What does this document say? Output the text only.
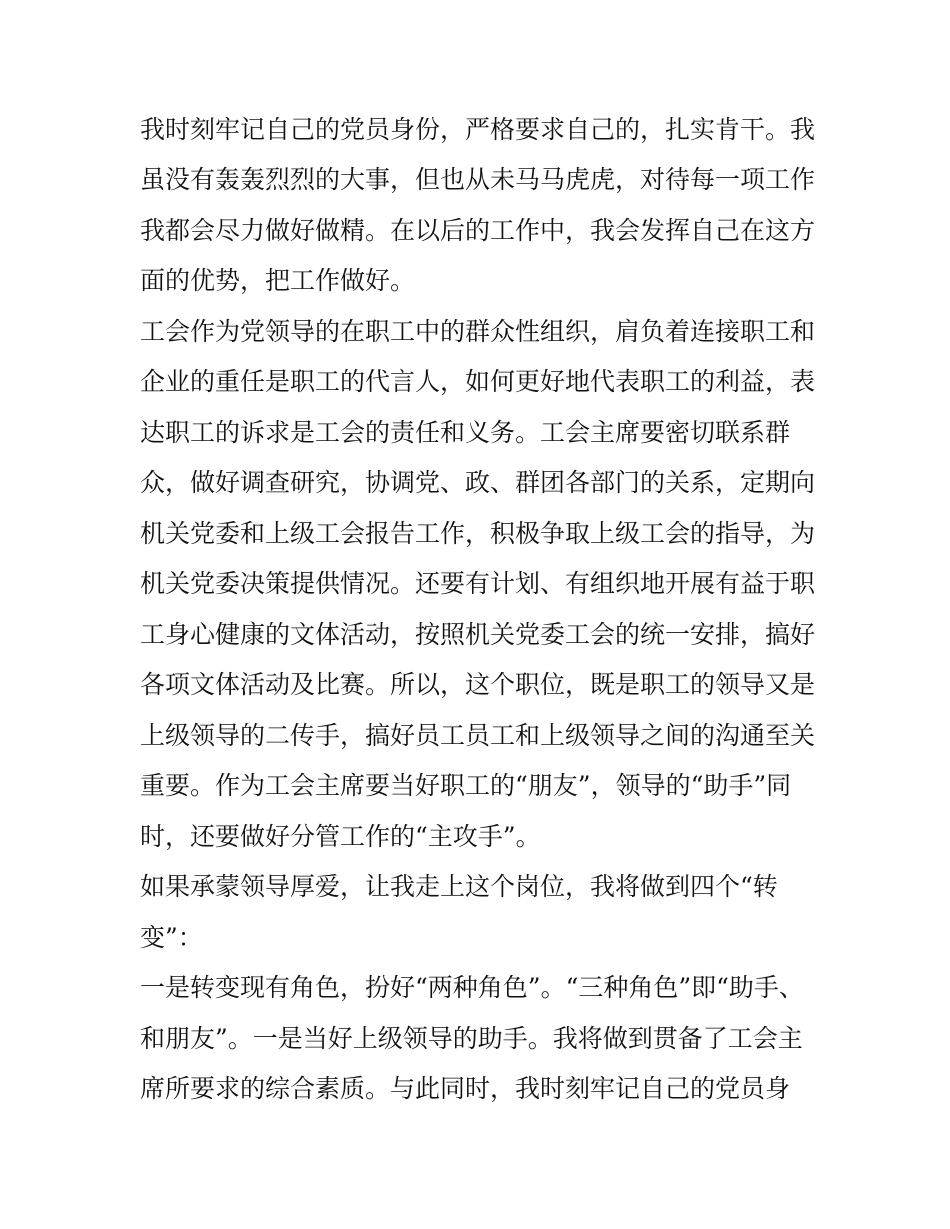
我时刻牢记自己的党员身份，严格要求自己的，扎实肯干。我
虽没有轰轰烈烈的大事，但也从未马马虎虎，对待每一项工作
我都会尽力做好做精。在以后的工作中，我会发挥自己在这方
面的优势，把工作做好。
工会作为党领导的在职工中的群众性组织，肩负着连接职工和
企业的重任是职工的代言人，如何更好地代表职工的利益，表
达职工的诉求是工会的责任和义务。工会主席要密切联系群
众，做好调查研究，协调党、政、群团各部门的关系，定期向
机关党委和上级工会报告工作，积极争取上级工会的指导，为
机关党委决策提供情况。还要有计划、有组织地开展有益于职
工身心健康的文体活动，按照机关党委工会的统一安排，搞好
各项文体活动及比赛。所以，这个职位，既是职工的领导又是
上级领导的二传手，搞好员工员工和上级领导之间的沟通至关
重要。作为工会主席要当好职工的“朋友”，领导的“助手”同
时，还要做好分管工作的“主攻手”。
如果承蒙领导厚爱，让我走上这个岗位，我将做到四个“转
变”：
一是转变现有角色，扮好“两种角色”。“三种角色”即“助手、
和朋友”。一是当好上级领导的助手。我将做到贯备了工会主
席所要求的综合素质。与此同时，我时刻牢记自己的党员身
